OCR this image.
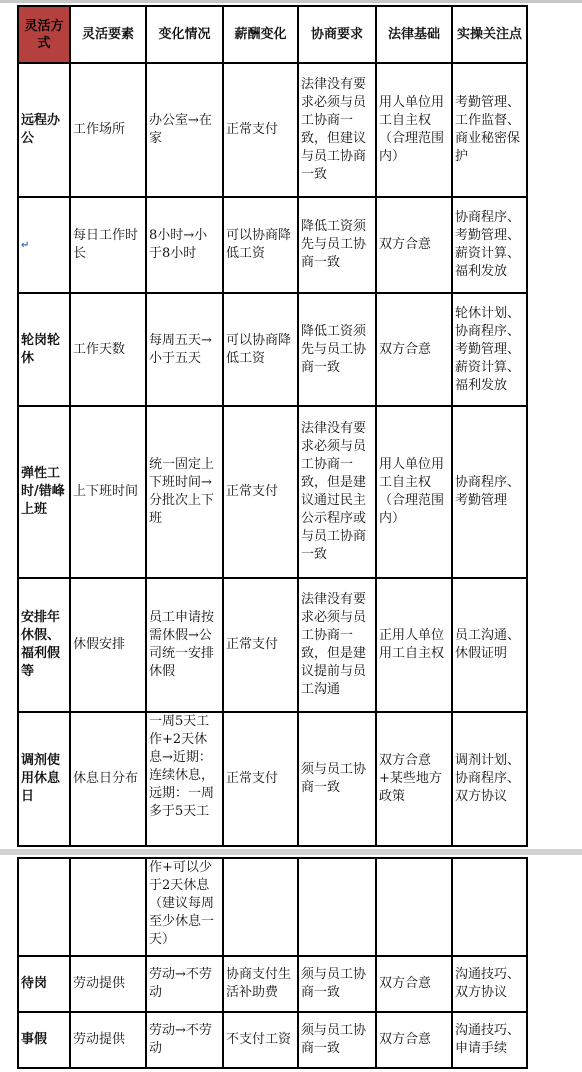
灵活方式	灵活要素	变化情况	薪酬变化	协商要求	法律基础	实操关注点
远程办公	工作场所	办公室→在家	正常支付	法律没有要求必须与员工协商一致，但建议与员工协商一致	用人单位用工自主权（合理范围内）	考勤管理、工作监督、商业秘密保护
↵	每日工作时长	8小时→小于8小时	可以协商降低工资	降低工资须先与员工协商一致	双方合意	协商程序、考勤管理、薪资计算、福利发放
轮岗轮休	工作天数	每周五天→小于五天	可以协商降低工资	降低工资须先与员工协商一致	双方合意	轮休计划、协商程序、考勤管理、薪资计算、福利发放
弹性工时/错峰上班	上下班时间	统一固定上下班时间→分批次上下班	正常支付	法律没有要求必须与员工协商一致，但是建议通过民主公示程序或与员工协商一致	用人单位用工自主权（合理范围内）	协商程序、考勤管理
安排年休假、福利假等	休假安排	员工申请按需休假→公司统一安排休假	正常支付	法律没有要求必须与员工协商一致，但是建议提前与员工沟通	正用人单位用工自主权	员工沟通、休假证明
调剂使用休息日	休息日分布	一周5天工作+2天休息→近期：连续休息，远期：一周多于5天工	正常支付	须与员工协商一致	双方合意+某些地方政策	调剂计划、协商程序、双方协议
		作+可以少于2天休息（建议每周至少休息一天）				
待岗	劳动提供	劳动→不劳动	协商支付生活补助费	须与员工协商一致	双方合意	沟通技巧、双方协议
事假	劳动提供	劳动→不劳动	不支付工资	须与员工协商一致	双方合意	沟通技巧、申请手续
